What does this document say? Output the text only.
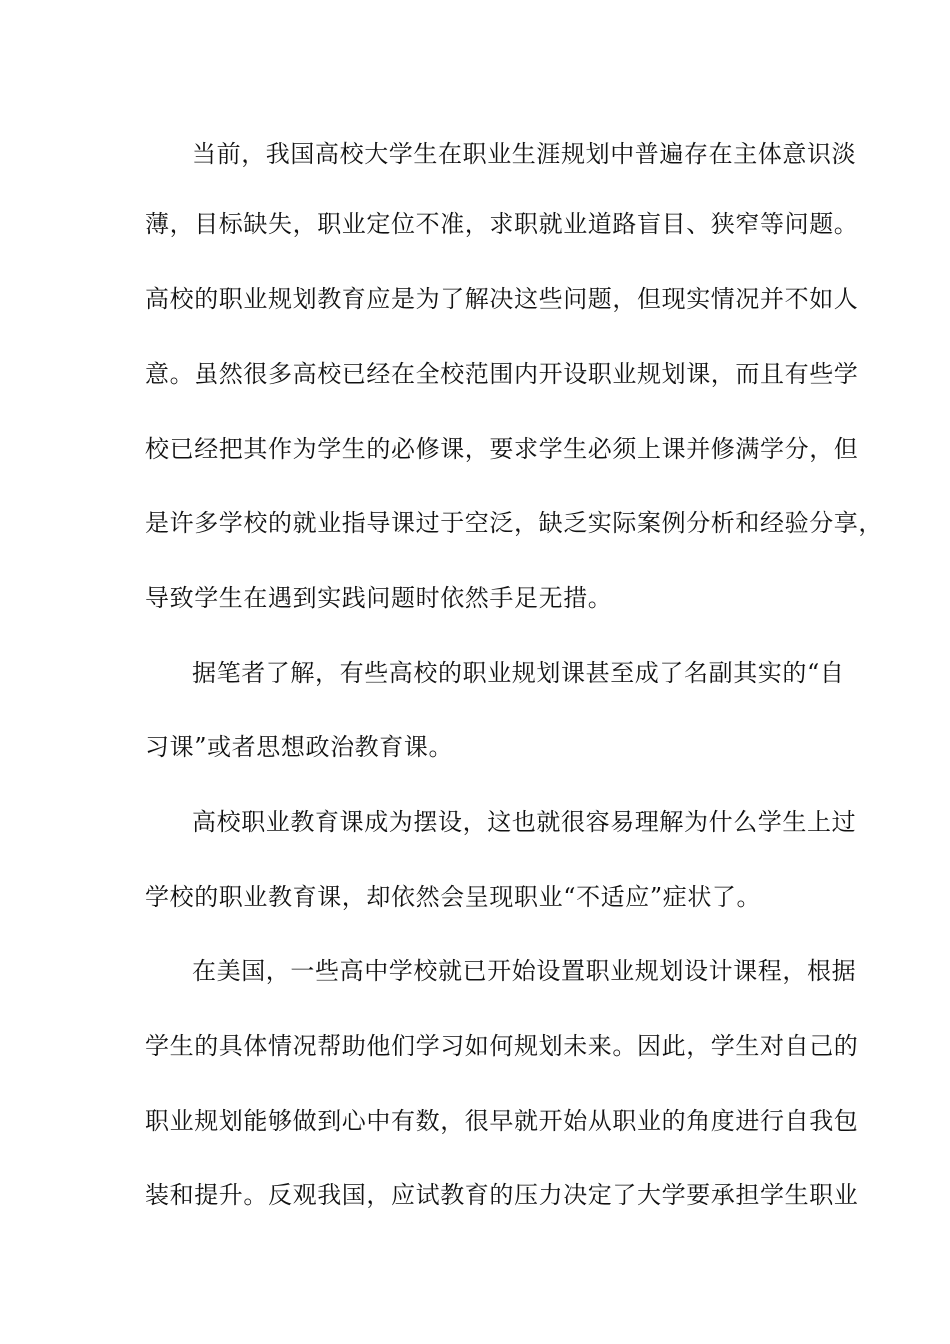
当前，我国高校大学生在职业生涯规划中普遍存在主体意识淡
薄，目标缺失，职业定位不准，求职就业道路盲目、狭窄等问题。
高校的职业规划教育应是为了解决这些问题，但现实情况并不如人
意。虽然很多高校已经在全校范围内开设职业规划课，而且有些学
校已经把其作为学生的必修课，要求学生必须上课并修满学分，但
是许多学校的就业指导课过于空泛，缺乏实际案例分析和经验分享，
导致学生在遇到实践问题时依然手足无措。
据笔者了解，有些高校的职业规划课甚至成了名副其实的“自
习课”或者思想政治教育课。
高校职业教育课成为摆设，这也就很容易理解为什么学生上过
学校的职业教育课，却依然会呈现职业“不适应”症状了。
在美国，一些高中学校就已开始设置职业规划设计课程，根据
学生的具体情况帮助他们学习如何规划未来。因此，学生对自己的
职业规划能够做到心中有数，很早就开始从职业的角度进行自我包
装和提升。反观我国，应试教育的压力决定了大学要承担学生职业
